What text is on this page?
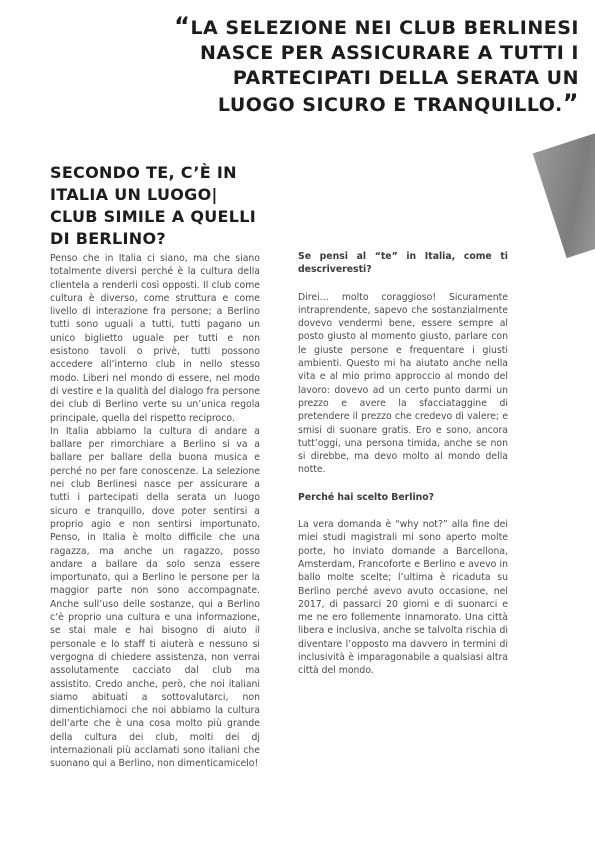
“LA SELEZIONE NEI CLUB BERLINESI NASCE PER ASSICURARE A TUTTI I PARTECIPATI DELLA SERATA UN LUOGO SICURO E TRANQUILLO.”
SECONDO TE, C’È IN ITALIA UN LUOGO| CLUB SIMILE A QUELLI DI BERLINO?

Penso che in Italia ci siano, ma che siano totalmente diversi perché è la cultura della clientela a renderli così opposti. Il club come cultura è diverso, come struttura e come livello di interazione fra persone; a Berlino tutti sono uguali a tutti, tutti pagano un unico biglietto uguale per tutti e non esistono tavoli o privè, tutti possono accedere all’interno club in nello stesso modo. Liberi nel mondo di essere, nel modo di vestire e la qualità del dialogo fra persone dei club di Berlino verte su un’unica regola principale, quella del rispetto reciproco.

In Italia abbiamo la cultura di andare a ballare per rimorchiare a Berlino si va a ballare per ballare della buona musica e perché no per fare conoscenze. La selezione nei club Berlinesi nasce per assicurare a tutti i partecipati della serata un luogo sicuro e tranquillo, dove poter sentirsi a proprio agio e non sentirsi importunato. Penso, in Italia è molto difficile che una ragazza, ma anche un ragazzo, posso andare a ballare da solo senza essere importunato, qui a Berlino le persone per la maggior parte non sono accompagnate. Anche sull’uso delle sostanze, qui a Berlino c’è proprio una cultura e una informazione, se stai male e hai bisogno di aiuto il personale e lo staff ti aiuterà e nessuno si vergogna di chiedere assistenza, non verrai assolutamente cacciato dal club ma assistito. Credo anche, però, che noi italiani siamo abituati a sottovalutarci, non dimentichiamoci che noi abbiamo la cultura dell’arte che è una cosa molto più grande della cultura dei club, molti dei dj internazionali più acclamati sono italiani che suonano qui a Berlino, non dimenticamicelo!

Se pensi al “te” in Italia, come ti descriveresti?

Direi… molto coraggioso! Sicuramente intraprendente, sapevo che sostanzialmente dovevo vendermi bene, essere sempre al posto giusto al momento giusto, parlare con le giuste persone e frequentare i giusti ambienti. Questo mi ha aiutato anche nella vita e al mio primo approccio al mondo del lavoro: dovevo ad un certo punto darmi un prezzo e avere la sfacciataggine di pretendere il prezzo che credevo di valere; e smisi di suonare gratis. Ero e sono, ancora tutt’oggi, una persona timida, anche se non si direbbe, ma devo molto al mondo della notte.

Perché hai scelto Berlino?

La vera domanda è “why not?” alla fine dei miei studi magistrali mi sono aperto molte porte, ho inviato domande a Barcellona, Amsterdam, Francoforte e Berlino e avevo in ballo molte scelte; l’ultima è ricaduta su Berlino perché avevo avuto occasione, nel 2017, di passarci 20 giorni e di suonarci e me ne ero follemente innamorato. Una città libera e inclusiva, anche se talvolta rischia di diventare l’opposto ma davvero in termini di inclusività è imparagonabile a qualsiasi altra città del mondo.
